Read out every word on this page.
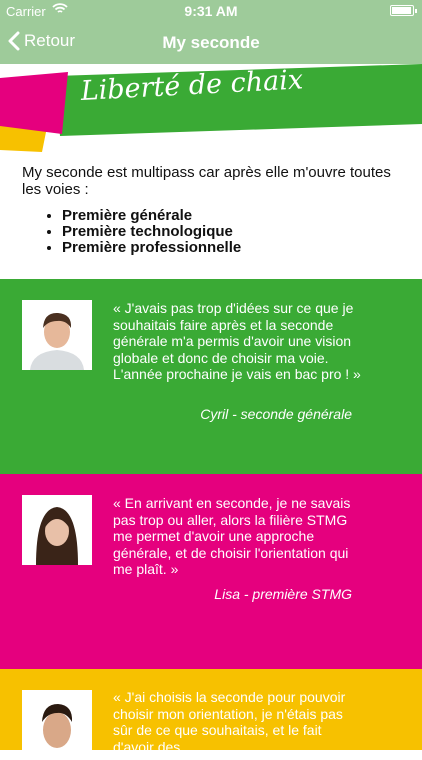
Retour	My seconde
Carrier	9:31 AM
Liberté de chaix
My seconde est multipass car après elle m'ouvre toutes les voies :
• Première générale
• Première technologique
• Première professionnelle
« J'avais pas trop d'idées sur ce que je souhaitais faire après et la seconde générale m'a permis d'avoir une vision globale et donc de choisir ma voie. L'année prochaine je vais en bac pro ! »
Cyril - seconde générale
« En arrivant en seconde, je ne savais pas trop ou aller, alors la filière STMG me permet d'avoir une approche générale, et de choisir l'orientation qui me plaît. »
Lisa - première STMG
« J'ai choisis la seconde pour pouvoir choisir mon orientation, je n'étais pas sûr de ce que souhaitais, et le fait d'avoir des
